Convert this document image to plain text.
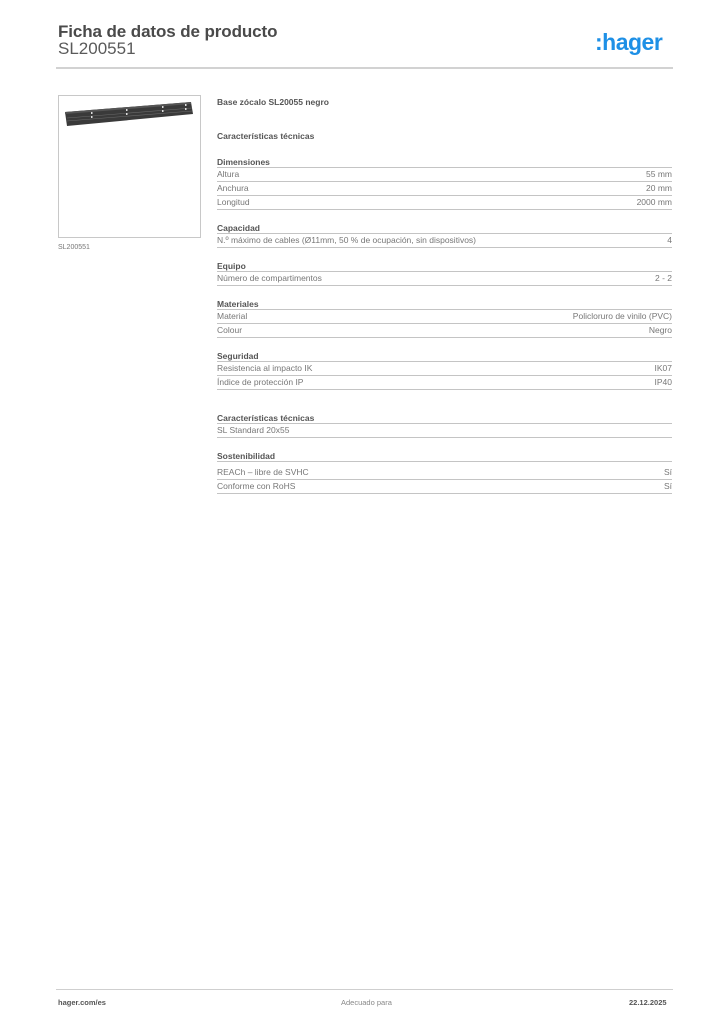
Ficha de datos de producto
SL200551	:hager
SL200551
Base zócalo SL20055 negro
Características técnicas
Dimensiones
Altura	55 mm
Anchura	20 mm
Longitud	2000 mm
Capacidad
N.º máximo de cables (Ø11mm, 50 % de ocupación, sin dispositivos)	4
Equipo
Número de compartimentos	2 - 2
Materiales
Material	Policloruro de vinilo (PVC)
Colour	Negro
Seguridad
Resistencia al impacto IK	IK07
Índice de protección IP	IP40
Características técnicas
SL Standard 20x55
Sostenibilidad
REACh – libre de SVHC	Sí
Conforme con RoHS	Sí
hager.com/es	Adecuado para	22.12.2025
